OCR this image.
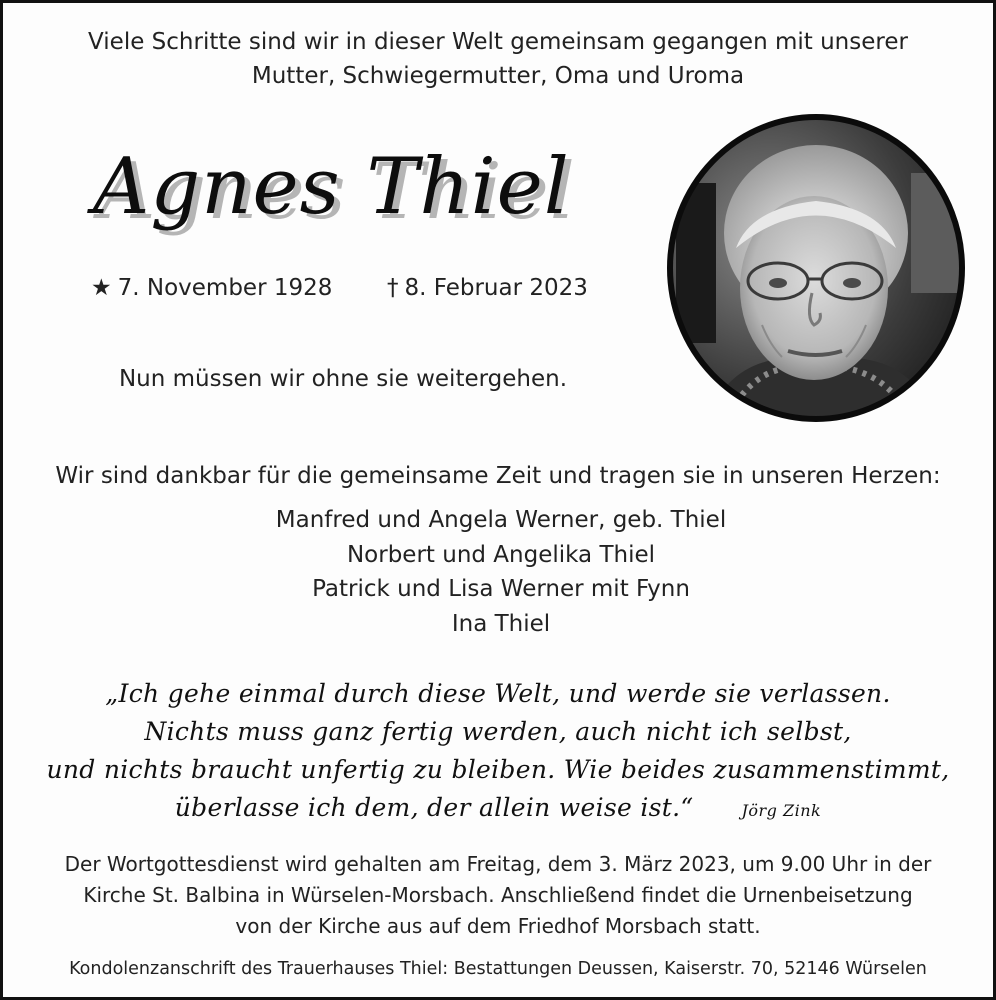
Viele Schritte sind wir in dieser Welt gemeinsam gegangen mit unserer
Mutter, Schwiegermutter, Oma und Uroma
Agnes Thiel
★ 7. November 1928 † 8. Februar 2023
Nun müssen wir ohne sie weitergehen.
Wir sind dankbar für die gemeinsame Zeit und tragen sie in unseren Herzen:
Manfred und Angela Werner, geb. Thiel
Norbert und Angelika Thiel
Patrick und Lisa Werner mit Fynn
Ina Thiel
„Ich gehe einmal durch diese Welt, und werde sie verlassen.
Nichts muss ganz fertig werden, auch nicht ich selbst,
und nichts braucht unfertig zu bleiben. Wie beides zusammenstimmt,
überlasse ich dem, der allein weise ist.“	Jörg Zink
Der Wortgottesdienst wird gehalten am Freitag, dem 3. März 2023, um 9.00 Uhr in der
Kirche St. Balbina in Würselen-Morsbach. Anschließend findet die Urnenbeisetzung
von der Kirche aus auf dem Friedhof Morsbach statt.
Kondolenzanschrift des Trauerhauses Thiel: Bestattungen Deussen, Kaiserstr. 70, 52146 Würselen
